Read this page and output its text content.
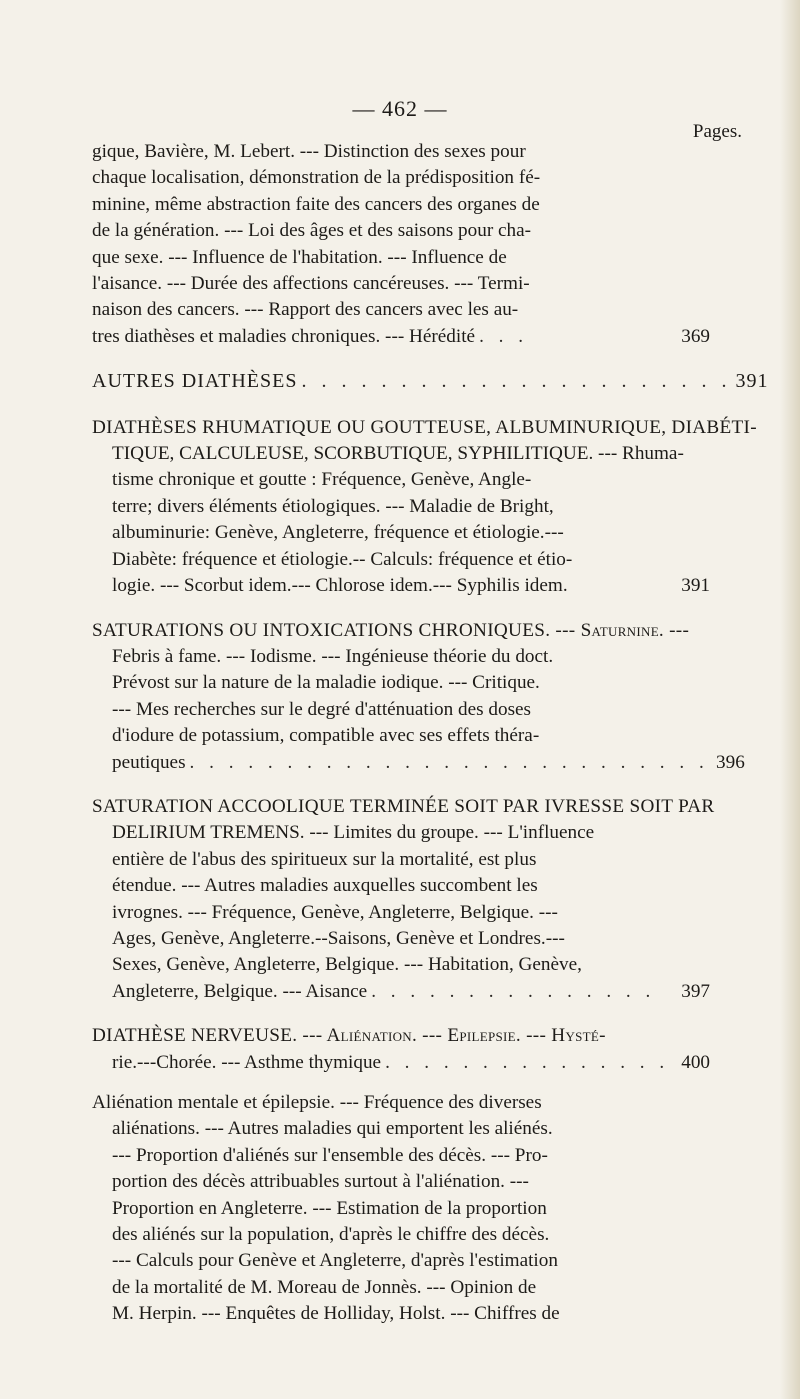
— 462 —
Pages.
gique, Bavière, M. Lebert. --- Distinction des sexes pour
chaque localisation, démonstration de la prédisposition fé-
minine, même abstraction faite des cancers des organes de
de la génération. --- Loi des âges et des saisons pour cha-
que sexe. --- Influence de l'habitation. --- Influence de
l'aisance. --- Durée des affections cancéreuses. --- Termi-
naison des cancers. --- Rapport des cancers avec les au-
tres diathèses et maladies chroniques. --- Hérédité . . .	369
AUTRES DIATHÈSES . . . . . . . . . . . . . . . . . . . . . . 391
DIATHÈSES RHUMATIQUE OU GOUTTEUSE, ALBUMINURIQUE, DIABÉTI-
TIQUE, CALCULEUSE, SCORBUTIQUE, SYPHILITIQUE. --- Rhuma-
tisme chronique et goutte : Fréquence, Genève, Angle-
terre; divers éléments étiologiques. --- Maladie de Bright,
albuminurie: Genève, Angleterre, fréquence et étiologie.---
Diabète: fréquence et étiologie.-- Calculs: fréquence et étio-
logie. --- Scorbut idem.--- Chlorose idem.--- Syphilis idem.	391
SATURATIONS OU INTOXICATIONS CHRONIQUES. --- Saturnine. ---
Febris à fame. --- Iodisme. --- Ingénieuse théorie du doct.
Prévost sur la nature de la maladie iodique. --- Critique.
--- Mes recherches sur le degré d'atténuation des doses
d'iodure de potassium, compatible avec ses effets théra-
peutiques . . . . . . . . . . . . . . . . . . . . . . . . . . . 396
SATURATION ACCOOLIQUE TERMINÉE SOIT PAR IVRESSE SOIT PAR
DELIRIUM TREMENS. --- Limites du groupe. --- L'influence
entière de l'abus des spiritueux sur la mortalité, est plus
étendue. --- Autres maladies auxquelles succombent les
ivrognes. --- Fréquence, Genève, Angleterre, Belgique. ---
Ages, Genève, Angleterre.--Saisons, Genève et Londres.---
Sexes, Genève, Angleterre, Belgique. --- Habitation, Genève,
Angleterre, Belgique. --- Aisance . . . . . . . . . . . . . . .	397
DIATHÈSE NERVEUSE. --- Aliénation. --- Epilepsie. --- Hysté-
rie.---Chorée. --- Asthme thymique . . . . . . . . . . . . . . . 400
Aliénation mentale et épilepsie. --- Fréquence des diverses
aliénations. --- Autres maladies qui emportent les aliénés.
--- Proportion d'aliénés sur l'ensemble des décès. --- Pro-
portion des décès attribuables surtout à l'aliénation. ---
Proportion en Angleterre. --- Estimation de la proportion
des aliénés sur la population, d'après le chiffre des décès.
--- Calculs pour Genève et Angleterre, d'après l'estimation
de la mortalité de M. Moreau de Jonnès. --- Opinion de
M. Herpin. --- Enquêtes de Holliday, Holst. --- Chiffres de
